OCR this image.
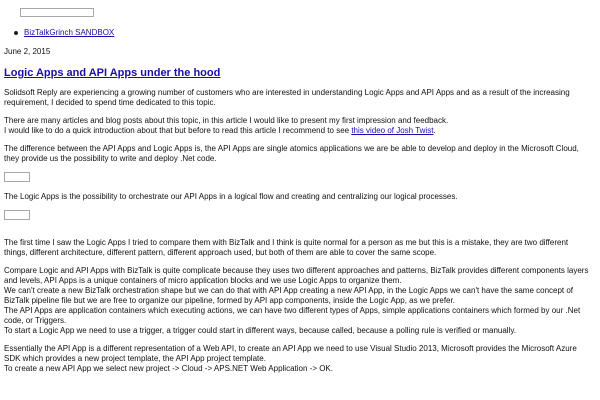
BizTalkGrinch SANDBOX
June 2, 2015
Logic Apps and API Apps under the hood

Solidsoft Reply are experiencing a growing number of customers who are interested in understanding Logic Apps and API Apps and as a result of the increasing requirement, I decided to spend time dedicated to this topic.

There are many articles and blog posts about this topic, in this article I would like to present my first impression and feedback.
I would like to do a quick introduction about that but before to read this article I recommend to see this video of Josh Twist.

The difference between the API Apps and Logic Apps is, the API Apps are single atomics applications we are be able to develop and deploy in the Microsoft Cloud, they provide us the possibility to write and deploy .Net code.

The Logic Apps is the possibility to orchestrate our API Apps in a logical flow and creating and centralizing our logical processes.

The first time I saw the Logic Apps I tried to compare them with BizTalk and I think is quite normal for a person as me but this is a mistake, they are two different things, different architecture, different pattern, different approach used, but both of them are able to cover the same scope.

Compare Logic and API Apps with BizTalk is quite complicate because they uses two different approaches and patterns, BizTalk provides different components layers and levels, API Apps is a unique containers of micro application blocks and we use Logic Apps to organize them.
We can't create a new BizTalk orchestration shape but we can do that with API App creating a new API App, in the Logic Apps we can't have the same concept of BizTalk pipeline file but we are free to organize our pipeline, formed by API app components, inside the Logic App, as we prefer.
The API Apps are application containers which executing actions, we can have two different types of Apps, simple applications containers which formed by our .Net code, or Triggers.
To start a Logic App we need to use a trigger, a trigger could start in different ways, because called, because a polling rule is verified or manually.

Essentially the API App is a different representation of a Web API, to create an API App we need to use Visual Studio 2013, Microsoft provides the Microsoft Azure SDK which provides a new project template, the API App project template.
To create a new API App we select new project -> Cloud -> APS.NET Web Application -> OK.
